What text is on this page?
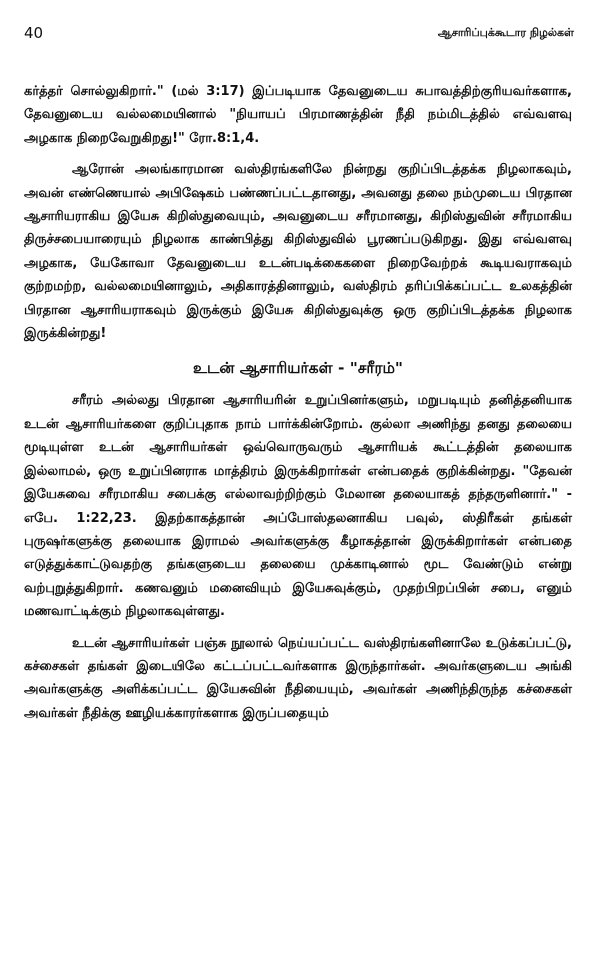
40	ஆசாரிப்புக்கூடார நிழல்கள்

கர்த்தர் சொல்லுகிறார்." (மல் 3:17) இப்படியாக தேவனுடைய சுபாவத்திற்குரியவர்களாக, தேவனுடைய வல்லமையினால் "நியாயப் பிரமாணத்தின் நீதி நம்மிடத்தில் எவ்வளவு அழகாக நிறைவேறுகிறது!" ரோ.8:1,4.

ஆரோன் அலங்காரமான வஸ்திரங்களிலே நின்றது குறிப்பிடத்தக்க நிழலாகவும், அவன் எண்ணெயால் அபிஷேகம் பண்ணப்பட்டதானது, அவனது தலை நம்முடைய பிரதான ஆசாரியராகிய இயேசு கிறிஸ்துவையும், அவனுடைய சரீரமானது, கிறிஸ்துவின் சரீரமாகிய திருச்சபையாரையும் நிழலாக காண்பித்து கிறிஸ்துவில் பூரணப்படுகிறது. இது எவ்வளவு அழகாக, யேகோவா தேவனுடைய உடன்படிக்கைகளை நிறைவேற்றக் கூடியவராகவும் குற்றமற்ற, வல்லமையினாலும், அதிகாரத்தினாலும், வஸ்திரம் தரிப்பிக்கப்பட்ட உலகத்தின் பிரதான ஆசாரியராகவும் இருக்கும் இயேசு கிறிஸ்துவுக்கு ஒரு குறிப்பிடத்தக்க நிழலாக இருக்கின்றது!

உடன் ஆசாரியர்கள் - "சரீரம்"

சரீரம் அல்லது பிரதான ஆசாரியரின் உறுப்பினர்களும், மறுபடியும் தனித்தனியாக உடன் ஆசாரியர்களை குறிப்புதாக நாம் பார்க்கின்றோம். குல்லா அணிந்து தனது தலையை மூடியுள்ள உடன் ஆசாரியர்கள் ஒவ்வொருவரும் ஆசாரியக் கூட்டத்தின் தலையாக இல்லாமல், ஒரு உறுப்பினராக மாத்திரம் இருக்கிறார்கள் என்பதைக் குறிக்கின்றது. "தேவன் இயேசுவை சரீரமாகிய சபைக்கு எல்லாவற்றிற்கும் மேலான தலையாகத் தந்தருளினார்." - எபே. 1:22,23. இதற்காகத்தான் அப்போஸ்தலனாகிய பவுல், ஸ்திரீகள் தங்கள் புருஷர்களுக்கு தலையாக இராமல் அவர்களுக்கு கீழாகத்தான் இருக்கிறார்கள் என்பதை எடுத்துக்காட்டுவதற்கு தங்களுடைய தலையை முக்காடினால் மூட வேண்டும் என்று வற்புறுத்துகிறார். கணவனும் மனைவியும் இயேசுவுக்கும், முதற்பிறப்பின் சபை, எனும் மணவாட்டிக்கும் நிழலாகவுள்ளது.

உடன் ஆசாரியர்கள் பஞ்சு நூலால் நெய்யப்பட்ட வஸ்திரங்களினாலே உடுக்கப்பட்டு, கச்சைகள் தங்கள் இடையிலே கட்டப்பட்டவர்களாக இருந்தார்கள். அவர்களுடைய அங்கி அவர்களுக்கு அளிக்கப்பட்ட இயேசுவின் நீதியையும், அவர்கள் அணிந்திருந்த கச்சைகள் அவர்கள் நீதிக்கு ஊழியக்காரர்களாக இருப்பதையும்
